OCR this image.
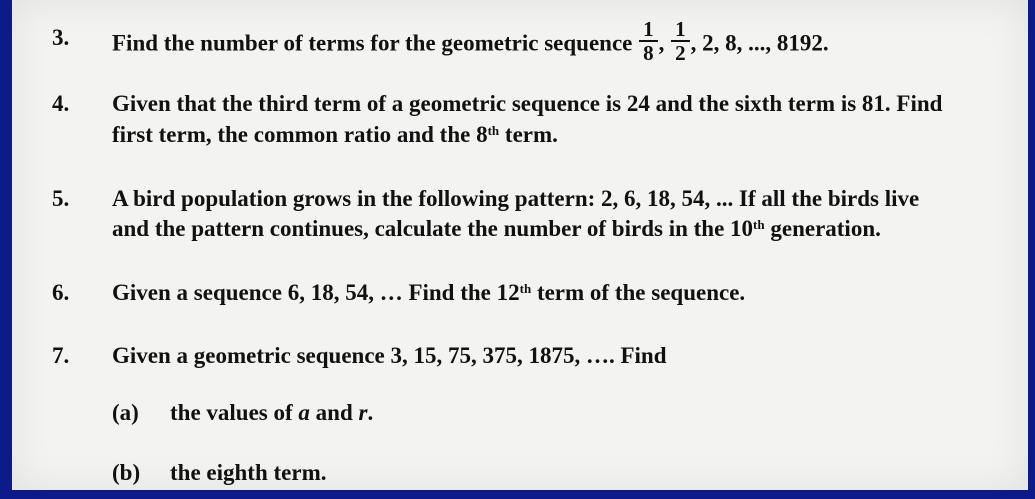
3. Find the number of terms for the geometric sequence $\frac{1}{8}$ , $\frac{1}{2}$ , 2, 8, ..., 8192.
4. Given that the third term of a geometric sequence is 24 and the sixth term is 81. Find
first term, the common ratio and the 8th term.
5. A bird population grows in the following pattern: 2, 6, 18, 54, ... If all the birds live
and the pattern continues, calculate the number of birds in the 10th generation.
6. Given a sequence 6, 18, 54, … Find the 12th term of the sequence.
7. Given a geometric sequence 3, 15, 75, 375, 1875, …. Find
(a) the values of a and r.
(b) the eighth term.
